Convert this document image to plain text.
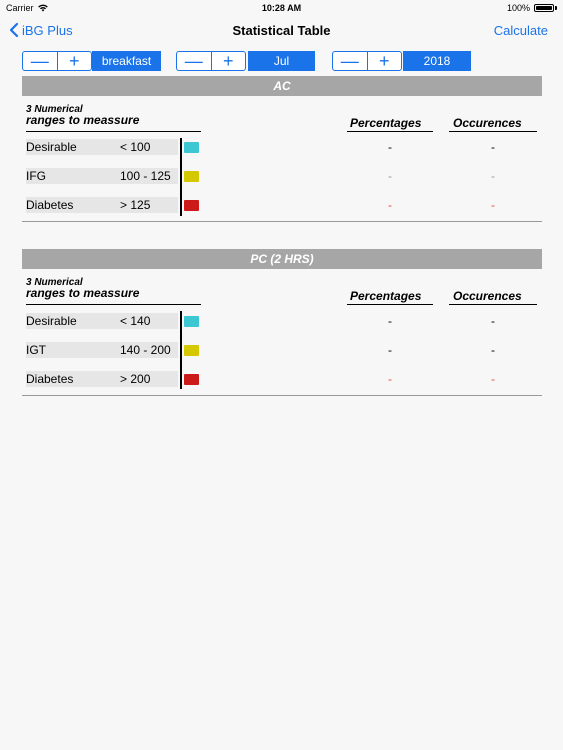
Carrier	10:28 AM	100%
iBG Plus	Statistical Table	Calculate
—	+	breakfast	—	+	Jul	—	+	2018
AC
3 Numerical
ranges to meassure	Percentages	Occurences
Desirable	< 100	-	-
IFG	100 - 125	-	-
Diabetes	> 125	-	-
PC (2 HRS)
3 Numerical
ranges to meassure	Percentages	Occurences
Desirable	< 140	-	-
IGT	140 - 200	-	-
Diabetes	> 200	-	-
